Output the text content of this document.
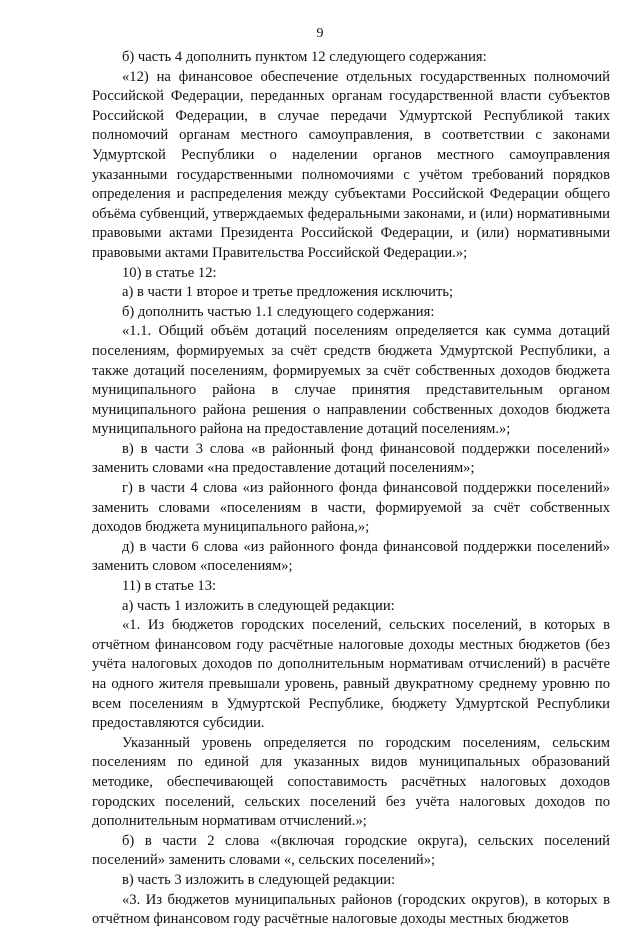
9

б) часть 4 дополнить пунктом 12 следующего содержания:

«12) на финансовое обеспечение отдельных государственных полномочий Российской Федерации, переданных органам государственной власти субъектов Российской Федерации, в случае передачи Удмуртской Республикой таких полномочий органам местного самоуправления, в соответствии с законами Удмуртской Республики о наделении органов местного самоуправления указанными государственными полномочиями с учётом требований порядков определения и распределения между субъектами Российской Федерации общего объёма субвенций, утверждаемых федеральными законами, и (или) нормативными правовыми актами Президента Российской Федерации, и (или) нормативными правовыми актами Правительства Российской Федерации.»;

10) в статье 12:

а) в части 1 второе и третье предложения исключить;

б) дополнить частью 1.1 следующего содержания:

«1.1. Общий объём дотаций поселениям определяется как сумма дотаций поселениям, формируемых за счёт средств бюджета Удмуртской Республики, а также дотаций поселениям, формируемых за счёт собственных доходов бюджета муниципального района в случае принятия представительным органом муниципального района решения о направлении собственных доходов бюджета муниципального района на предоставление дотаций поселениям.»;

в) в части 3 слова «в районный фонд финансовой поддержки поселений» заменить словами «на предоставление дотаций поселениям»;

г) в части 4 слова «из районного фонда финансовой поддержки поселений» заменить словами «поселениям в части, формируемой за счёт собственных доходов бюджета муниципального района,»;

д) в части 6 слова «из районного фонда финансовой поддержки поселений» заменить словом «поселениям»;

11) в статье 13:

а) часть 1 изложить в следующей редакции:

«1. Из бюджетов городских поселений, сельских поселений, в которых в отчётном финансовом году расчётные налоговые доходы местных бюджетов (без учёта налоговых доходов по дополнительным нормативам отчислений) в расчёте на одного жителя превышали уровень, равный двукратному среднему уровню по всем поселениям в Удмуртской Республике, бюджету Удмуртской Республики предоставляются субсидии.

Указанный уровень определяется по городским поселениям, сельским поселениям по единой для указанных видов муниципальных образований методике, обеспечивающей сопоставимость расчётных налоговых доходов городских поселений, сельских поселений без учёта налоговых доходов по дополнительным нормативам отчислений.»;

б) в части 2 слова «(включая городские округа), сельских поселений поселений» заменить словами «, сельских поселений»;

в) часть 3 изложить в следующей редакции:

«3. Из бюджетов муниципальных районов (городских округов), в которых в отчётном финансовом году расчётные налоговые доходы местных бюджетов
